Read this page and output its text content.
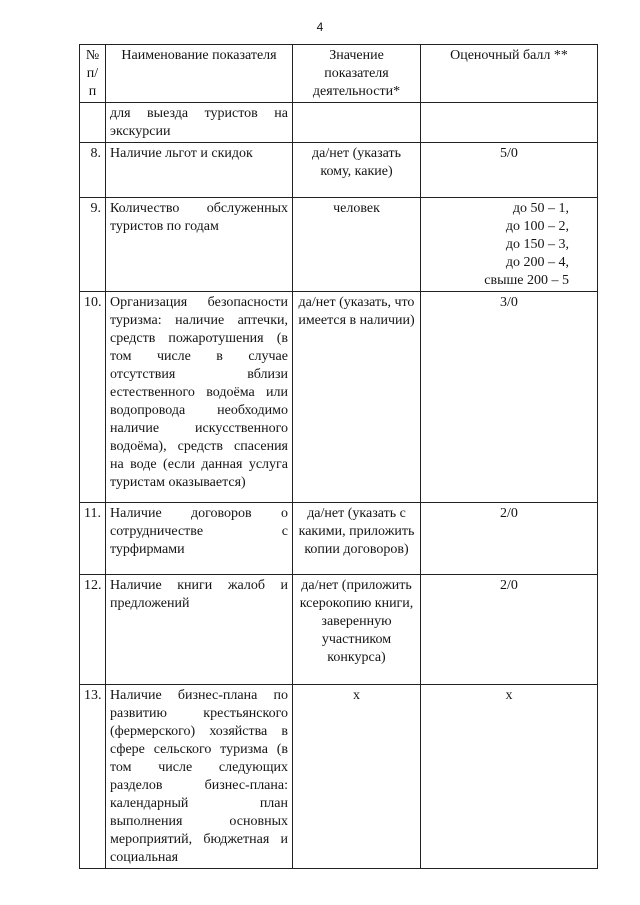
4
№ п/п	Наименование показателя	Значение показателя деятельности*	Оценочный балл **
	для выезда туристов на экскурсии		
8.	Наличие льгот и скидок	да/нет (указать кому, какие)	5/0
9.	Количество обслуженных туристов по годам	человек	до 50 – 1,
до 100 – 2,
до 150 – 3,
до 200 – 4,
свыше 200 – 5

10.	Организация безопасности туризма: наличие аптечки, средств пожаротушения (в том числе в случае отсутствия вблизи естественного водоёма или водопровода необходимо наличие искусственного водоёма), средств спасения на воде (если данная услуга туристам оказывается)	да/нет (указать, что имеется в наличии)	3/0
11.	Наличие договоров о сотрудничестве с турфирмами	да/нет (указать с какими, приложить копии договоров)	2/0
12.	Наличие книги жалоб и предложений	да/нет (приложить ксерокопию книги, заверенную участником конкурса)	2/0
13.	Наличие бизнес-плана по развитию крестьянского (фермерского) хозяйства в сфере сельского туризма (в том числе следующих разделов бизнес-плана: календарный план выполнения основных мероприятий, бюджетная и социальная	х	х
